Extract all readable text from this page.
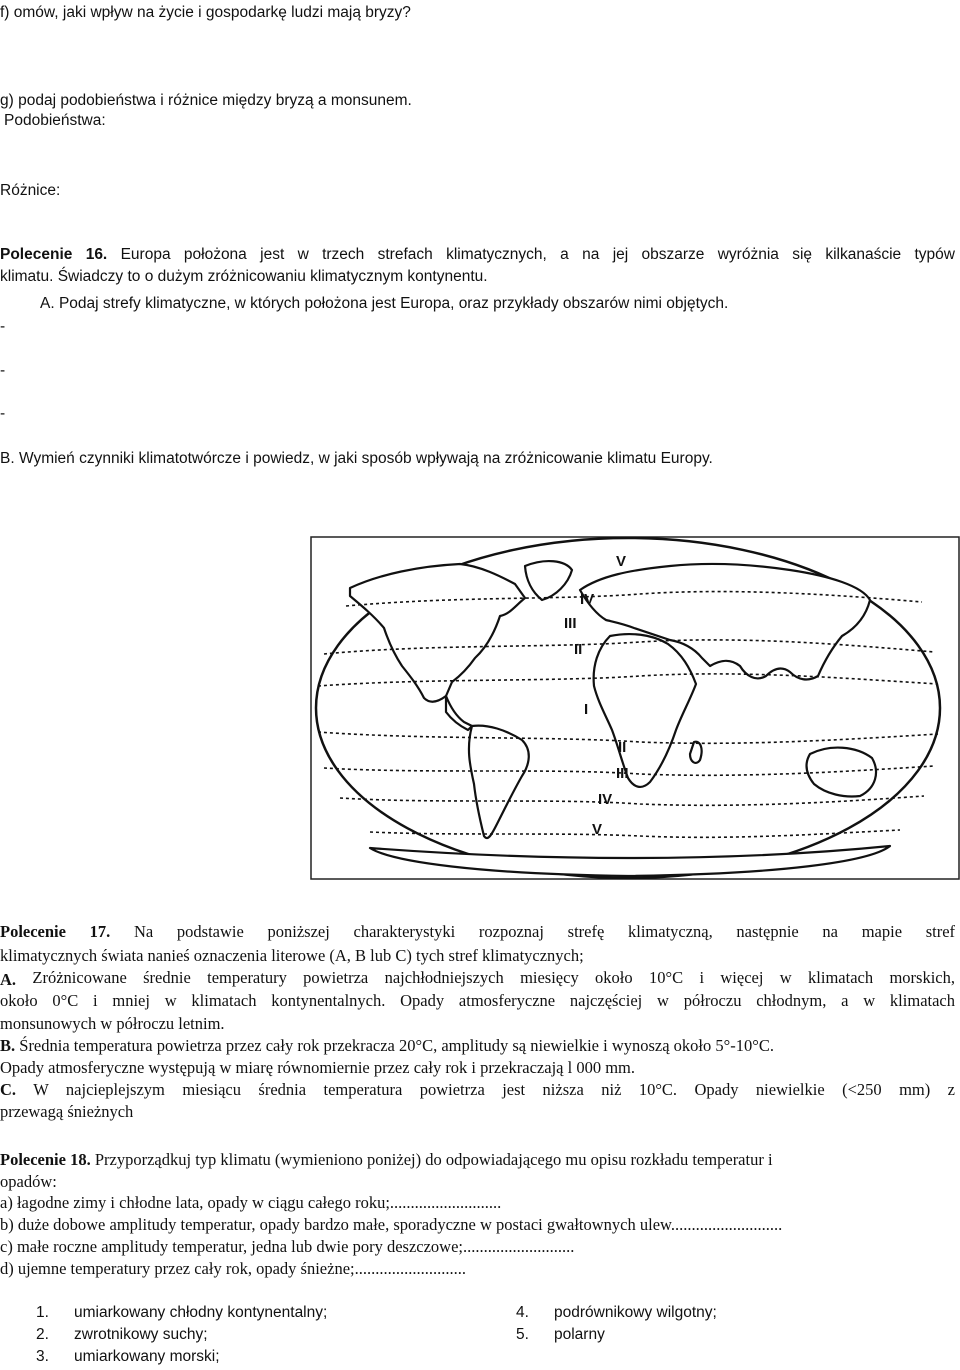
f) omów, jaki wpływ na życie i gospodarkę ludzi mają bryzy?
g) podaj podobieństwa i różnice między bryzą a monsunem.
Podobieństwa:
Różnice:
Polecenie 16. Europa położona jest w trzech strefach klimatycznych, a na jej obszarze wyróżnia się kilkanaście typów
klimatu. Świadczy to o dużym zróżnicowaniu klimatycznym kontynentu.
A. Podaj strefy klimatyczne, w których położona jest Europa, oraz przykłady obszarów nimi objętych.
-
-
-
B. Wymień czynniki klimatotwórcze i powiedz, w jaki sposób wpływają na zróżnicowanie klimatu Europy.
V
IV
III
II
I
II
III
IV
V
Polecenie 17. Na podstawie poniższej charakterystyki rozpoznaj strefę klimatyczną, następnie na mapie stref
klimatycznych świata nanieś oznaczenia literowe (A, B lub C) tych stref klimatycznych;
A. Zróżnicowane średnie temperatury powietrza najchłodniejszych miesięcy około 10°C i więcej w klimatach morskich,
około 0°C i mniej w klimatach kontynentalnych. Opady atmosferyczne najczęściej w półroczu chłodnym, a w klimatach
monsunowych w półroczu letnim.
B. Średnia temperatura powietrza przez cały rok przekracza 20°C, amplitudy są niewielkie i wynoszą około 5°-10°C.
Opady atmosferyczne występują w miarę równomiernie przez cały rok i przekraczają l 000 mm.
C. W najcieplejszym miesiącu średnia temperatura powietrza jest niższa niż 10°C. Opady niewielkie (<250 mm) z
przewagą śnieżnych
Polecenie 18. Przyporządkuj typ klimatu (wymieniono poniżej) do odpowiadającego mu opisu rozkładu temperatur i
opadów:
a) łagodne zimy i chłodne lata, opady w ciągu całego roku;...........................
b) duże dobowe amplitudy temperatur, opady bardzo małe, sporadyczne w postaci gwałtownych ulew...........................
c) małe roczne amplitudy temperatur, jedna lub dwie pory deszczowe;...........................
d) ujemne temperatury przez cały rok, opady śnieżne;...........................
1. umiarkowany chłodny kontynentalny;
2. zwrotnikowy suchy;
3. umiarkowany morski;
4. podrównikowy wilgotny;
5. polarny
